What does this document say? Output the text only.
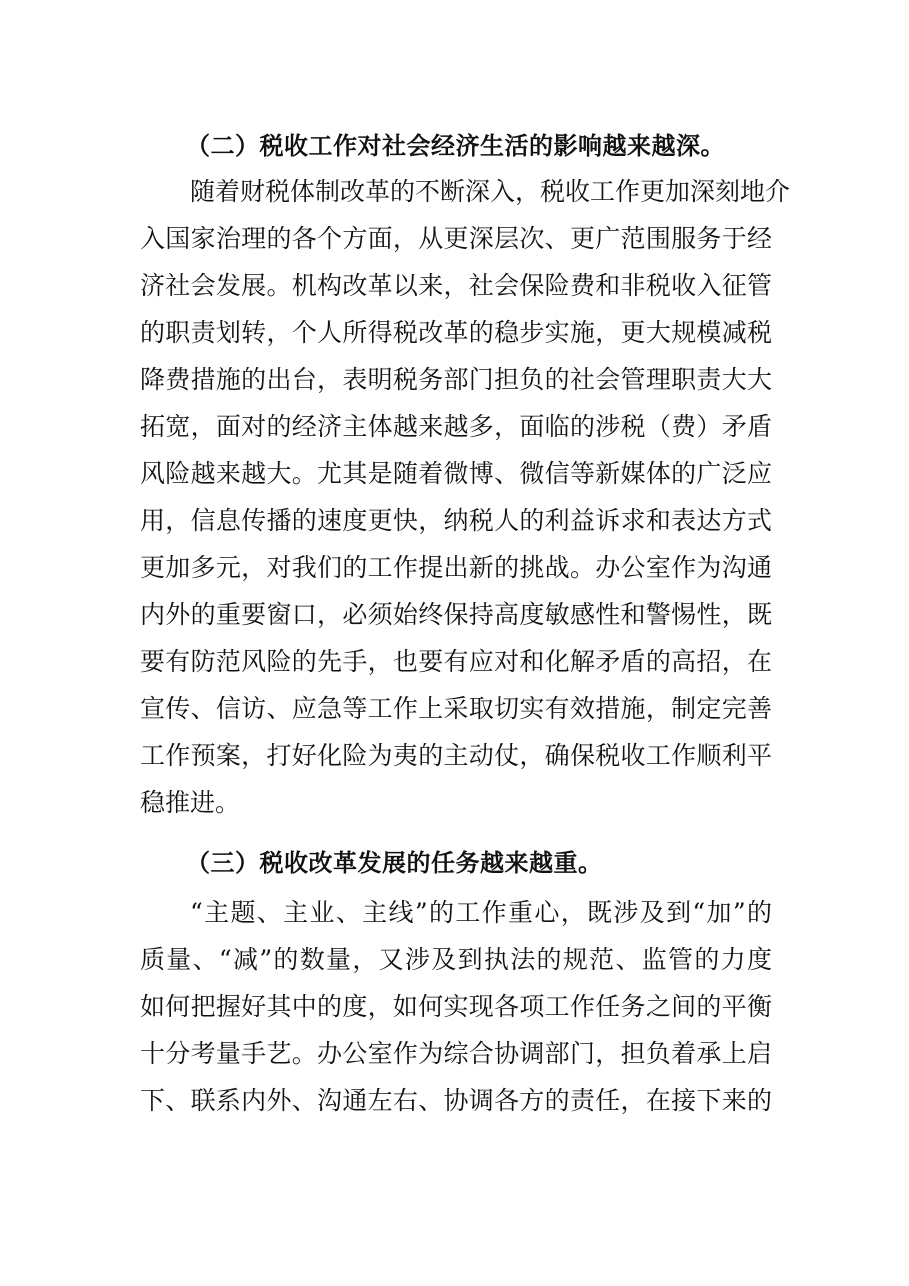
（二）税收工作对社会经济生活的影响越来越深。
随着财税体制改革的不断深入，税收工作更加深刻地介
入国家治理的各个方面，从更深层次、更广范围服务于经
济社会发展。机构改革以来，社会保险费和非税收入征管
的职责划转，个人所得税改革的稳步实施，更大规模减税
降费措施的出台，表明税务部门担负的社会管理职责大大
拓宽，面对的经济主体越来越多，面临的涉税（费）矛盾
风险越来越大。尤其是随着微博、微信等新媒体的广泛应
用，信息传播的速度更快，纳税人的利益诉求和表达方式
更加多元，对我们的工作提出新的挑战。办公室作为沟通
内外的重要窗口，必须始终保持高度敏感性和警惕性，既
要有防范风险的先手，也要有应对和化解矛盾的高招，在
宣传、信访、应急等工作上采取切实有效措施，制定完善
工作预案，打好化险为夷的主动仗，确保税收工作顺利平
稳推进。
（三）税收改革发展的任务越来越重。
“主题、主业、主线”的工作重心，既涉及到“加”的
质量、“减”的数量，又涉及到执法的规范、监管的力度
如何把握好其中的度，如何实现各项工作任务之间的平衡
十分考量手艺。办公室作为综合协调部门，担负着承上启
下、联系内外、沟通左右、协调各方的责任，在接下来的
